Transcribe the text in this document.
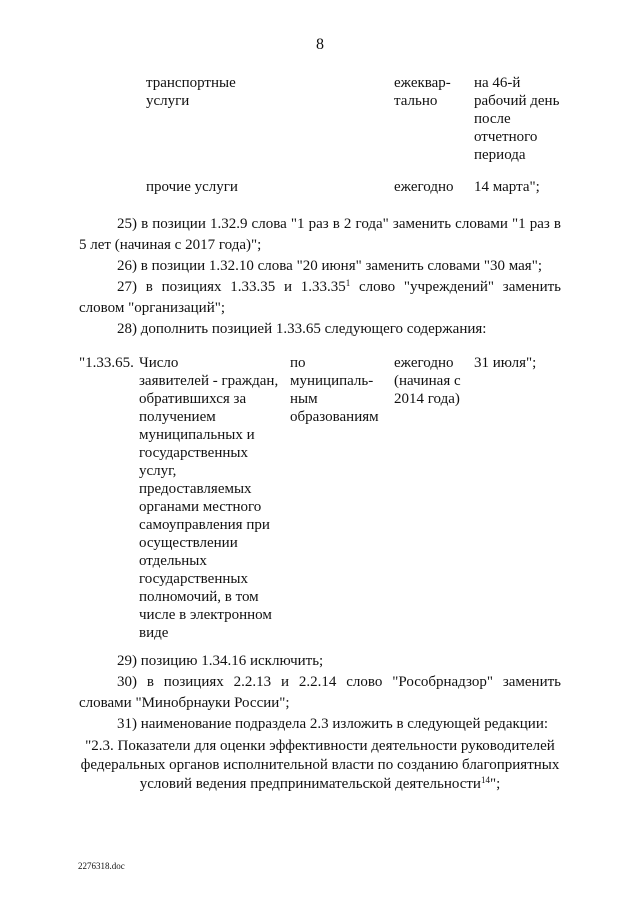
8
транспортные
услуги
ежеквар-
тально
на 46-й
рабочий день
после
отчетного
периода
прочие услуги	ежегодно	14 марта";
25) в позиции 1.32.9 слова "1 раз в 2 года" заменить словами "1 раз в
5 лет (начиная с 2017 года)";
26) в позиции 1.32.10 слова "20 июня" заменить словами "30 мая";
27) в позициях 1.33.35 и 1.33.35$^1$ слово "учреждений" заменить
словом "организаций";
28) дополнить позицией 1.33.65 следующего содержания:
"1.33.65. Число
заявителей - граждан,
обратившихся за
получением
муниципальных и
государственных
услуг,
предоставляемых
органами местного
самоуправления при
осуществлении
отдельных
государственных
полномочий, в том
числе в электронном
виде
по
муниципаль-
ным
образованиям
ежегодно
(начиная с
2014 года)
31 июля";
29) позицию 1.34.16 исключить;
30) в позициях 2.2.13 и 2.2.14 слово "Рособрнадзор" заменить
словами "Минобрнауки России";
31) наименование подраздела 2.3 изложить в следующей редакции:
"2.3. Показатели для оценки эффективности деятельности руководителей
федеральных органов исполнительной власти по созданию благоприятных
условий ведения предпринимательской деятельности$^{14}$";
2276318.doc
